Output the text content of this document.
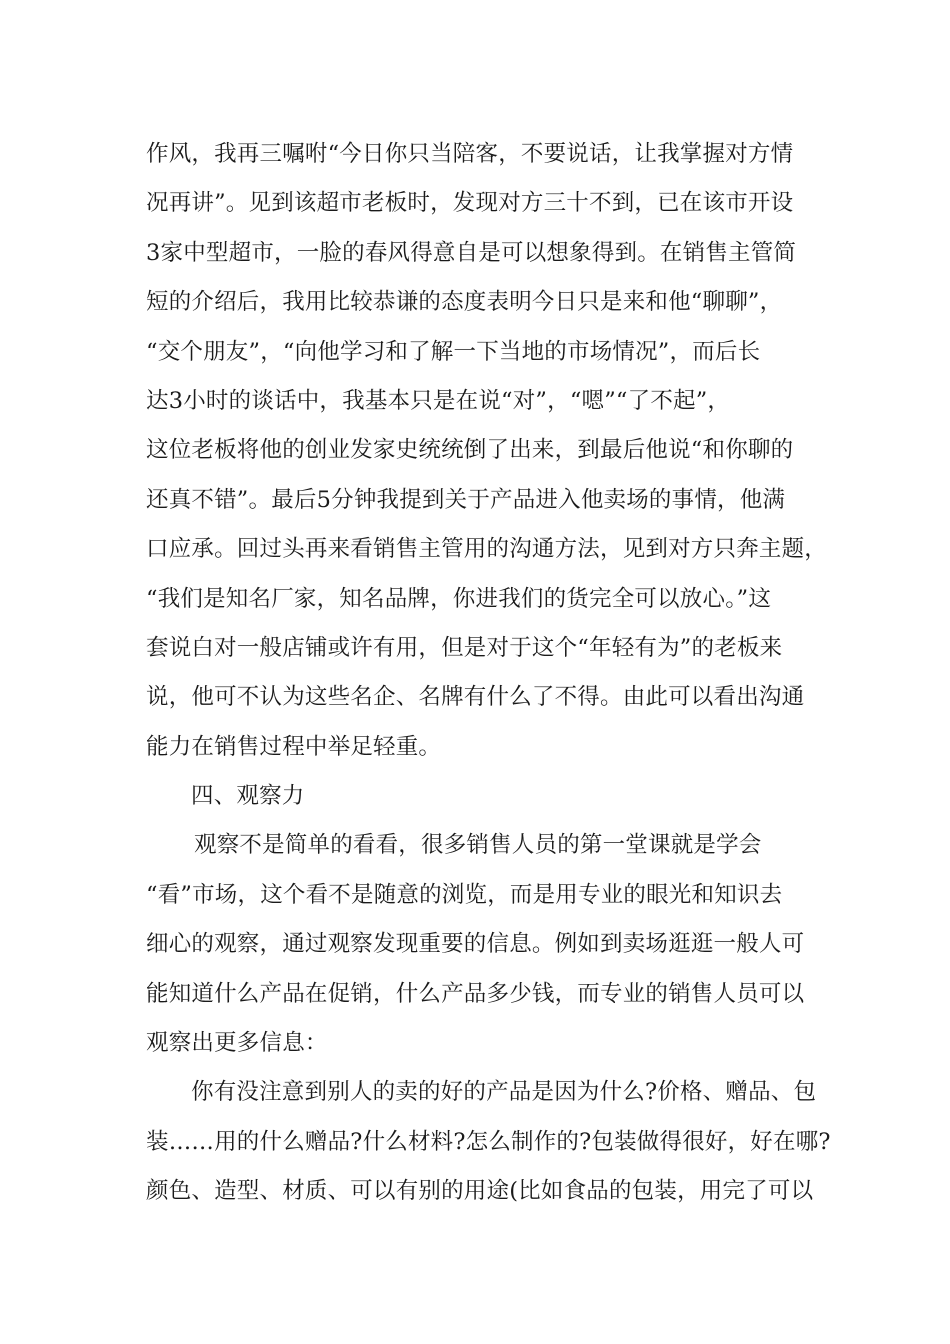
作风，我再三嘱咐“今日你只当陪客，不要说话，让我掌握对方情
况再讲”。见到该超市老板时，发现对方三十不到，已在该市开设
3家中型超市，一脸的春风得意自是可以想象得到。在销售主管简
短的介绍后，我用比较恭谦的态度表明今日只是来和他“聊聊”，
“交个朋友”，“向他学习和了解一下当地的市场情况”，而后长
达3小时的谈话中，我基本只是在说“对”，“嗯”“了不起”，
这位老板将他的创业发家史统统倒了出来，到最后他说“和你聊的
还真不错”。最后5分钟我提到关于产品进入他卖场的事情，他满
口应承。回过头再来看销售主管用的沟通方法，见到对方只奔主题，
“我们是知名厂家，知名品牌，你进我们的货完全可以放心。”这
套说白对一般店铺或许有用，但是对于这个“年轻有为”的老板来
说，他可不认为这些名企、名牌有什么了不得。由此可以看出沟通
能力在销售过程中举足轻重。
四、观察力
观察不是简单的看看，很多销售人员的第一堂课就是学会
“看”市场，这个看不是随意的浏览，而是用专业的眼光和知识去
细心的观察，通过观察发现重要的信息。例如到卖场逛逛一般人可
能知道什么产品在促销，什么产品多少钱，而专业的销售人员可以
观察出更多信息：
你有没注意到别人的卖的好的产品是因为什么?价格、赠品、包
装……用的什么赠品?什么材料?怎么制作的?包装做得很好，好在哪?
颜色、造型、材质、可以有别的用途(比如食品的包装，用完了可以
